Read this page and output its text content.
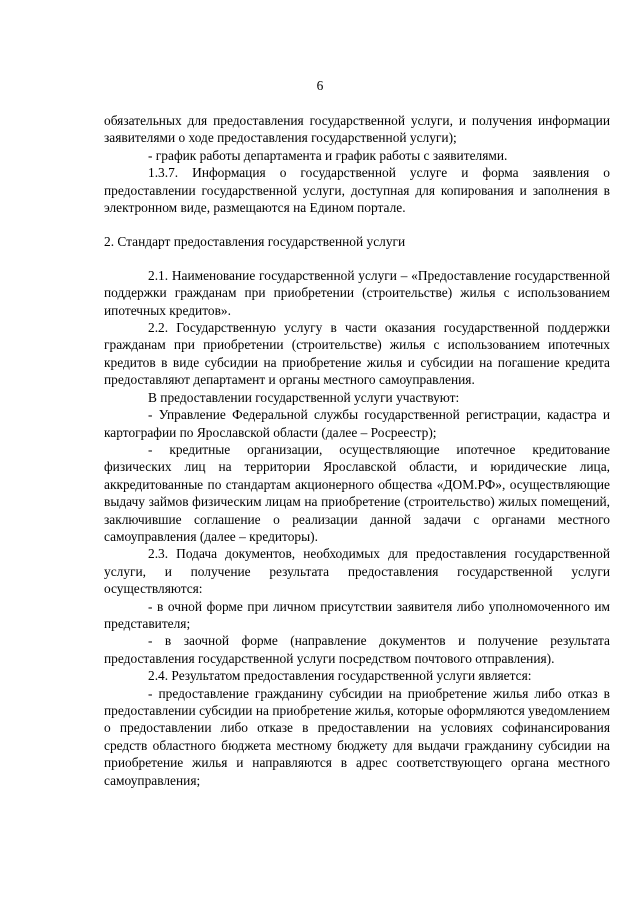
6

обязательных для предоставления государственной услуги, и получения информации заявителями о ходе предоставления государственной услуги);

- график работы департамента и график работы с заявителями.

1.3.7. Информация о государственной услуге и форма заявления о предоставлении государственной услуги, доступная для копирования и заполнения в электронном виде, размещаются на Едином портале.

2. Стандарт предоставления государственной услуги

2.1. Наименование государственной услуги – «Предоставление государственной поддержки гражданам при приобретении (строительстве) жилья с использованием ипотечных кредитов».

2.2. Государственную услугу в части оказания государственной поддержки гражданам при приобретении (строительстве) жилья с использованием ипотечных кредитов в виде субсидии на приобретение жилья и субсидии на погашение кредита предоставляют департамент и органы местного самоуправления.

В предоставлении государственной услуги участвуют:

- Управление Федеральной службы государственной регистрации, кадастра и картографии по Ярославской области (далее – Росреестр);

- кредитные организации, осуществляющие ипотечное кредитование физических лиц на территории Ярославской области, и юридические лица, аккредитованные по стандартам акционерного общества «ДОМ.РФ», осуществляющие выдачу займов физическим лицам на приобретение (строительство) жилых помещений, заключившие соглашение о реализации данной задачи с органами местного самоуправления (далее – кредиторы).

2.3. Подача документов, необходимых для предоставления государственной услуги, и получение результата предоставления государственной услуги осуществляются:

- в очной форме при личном присутствии заявителя либо уполномоченного им представителя;

- в заочной форме (направление документов и получение результата предоставления государственной услуги посредством почтового отправления).

2.4. Результатом предоставления государственной услуги является:

- предоставление гражданину субсидии на приобретение жилья либо отказ в предоставлении субсидии на приобретение жилья, которые оформляются уведомлением о предоставлении либо отказе в предоставлении на условиях софинансирования средств областного бюджета местному бюджету для выдачи гражданину субсидии на приобретение жилья и направляются в адрес соответствующего органа местного самоуправления;
